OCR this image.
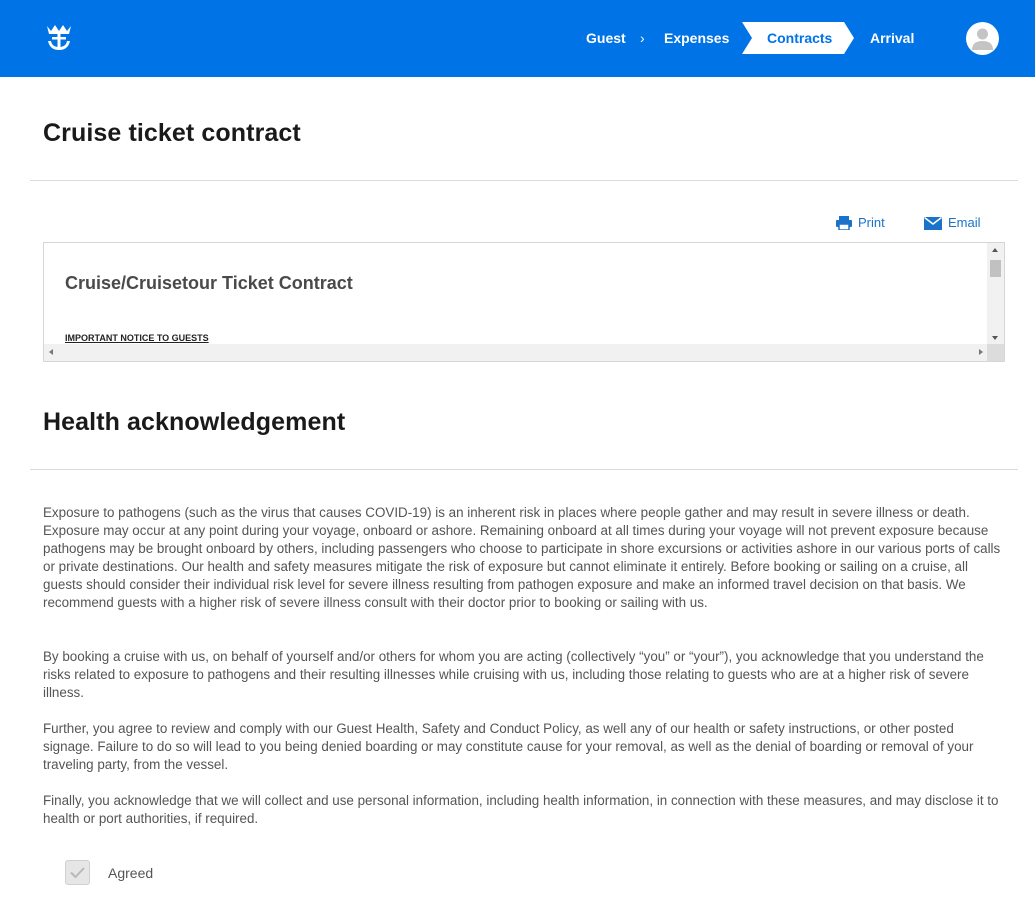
Guest › Expenses	Contracts	Arrival
Cruise ticket contract
Print	Email
Cruise/Cruisetour Ticket Contract
IMPORTANT NOTICE TO GUESTS
Health acknowledgement

Exposure to pathogens (such as the virus that causes COVID-19) is an inherent risk in places where people gather and may result in severe illness or death. Exposure may occur at any point during your voyage, onboard or ashore. Remaining onboard at all times during your voyage will not prevent exposure because pathogens may be brought onboard by others, including passengers who choose to participate in shore excursions or activities ashore in our various ports of calls or private destinations. Our health and safety measures mitigate the risk of exposure but cannot eliminate it entirely. Before booking or sailing on a cruise, all guests should consider their individual risk level for severe illness resulting from pathogen exposure and make an informed travel decision on that basis. We recommend guests with a higher risk of severe illness consult with their doctor prior to booking or sailing with us.

By booking a cruise with us, on behalf of yourself and/or others for whom you are acting (collectively “you” or “your”), you acknowledge that you understand the risks related to exposure to pathogens and their resulting illnesses while cruising with us, including those relating to guests who are at a higher risk of severe illness.

Further, you agree to review and comply with our Guest Health, Safety and Conduct Policy, as well any of our health or safety instructions, or other posted signage. Failure to do so will lead to you being denied boarding or may constitute cause for your removal, as well as the denial of boarding or removal of your traveling party, from the vessel.

Finally, you acknowledge that we will collect and use personal information, including health information, in connection with these measures, and may disclose it to health or port authorities, if required.

Agreed
